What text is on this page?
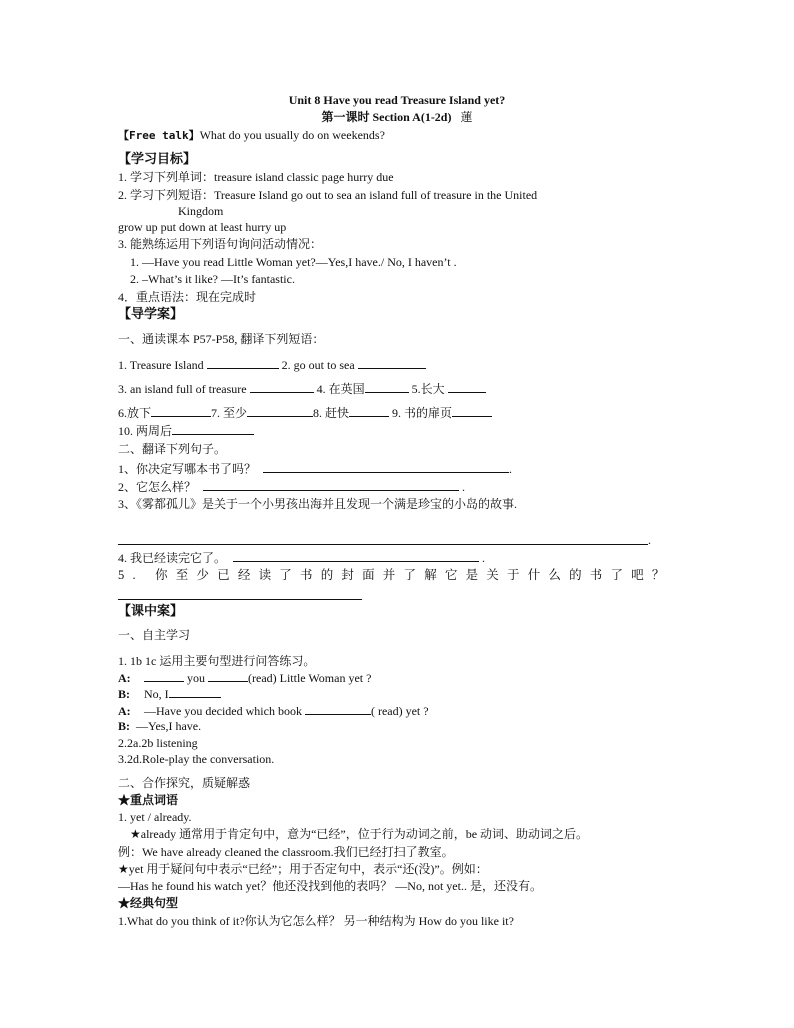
Unit 8 Have you read Treasure Island yet?
第一课时 Section A(1-2d) 蓮
【Free talk】What do you usually do on weekends?
【学习目标】
1. 学习下列单词：treasure island classic page hurry due
2. 学习下列短语：Treasure Island go out to sea an island full of treasure in the United
Kingdom
grow up put down at least hurry up
3. 能熟练运用下列语句询问活动情况：
1. —Have you read Little Woman yet?—Yes,I have./ No, I haven’t .
2. –What’s it like? —It’s fantastic.
4．重点语法：现在完成时
【导学案】
一、通读课本 P57-P58, 翻译下列短语：
1. Treasure Island	2. go out to sea
3. an island full of treasure	4. 在英国	5.长大
6.放下	7. 至少	8. 赶快	9. 书的扉页
10. 两周后
二、翻译下列句子。
1、你决定写哪本书了吗？	.
2、它怎么样？	.
3、《雾都孤儿》是关于一个小男孩出海并且发现一个满是珍宝的小岛的故事.
.
4. 我已经读完它了。	.
5. 你至少已经读了书的封面并了解它是关于什么的书了吧？
【课中案】
一、自主学习
1. 1b 1c 运用主要句型进行问答练习。
A:	you	(read) Little Woman yet ?
B: No, I
A: —Have you decided which book	( read) yet ?
B: —Yes,I have.
2.2a.2b listening
3.2d.Role-play the conversation.
二、合作探究，质疑解惑
★重点词语
1. yet / already.
★already 通常用于肯定句中，意为“已经”，位于行为动词之前，be 动词、助动词之后。
例：We have already cleaned the classroom.我们已经打扫了教室。
★yet 用于疑问句中表示“已经”；用于否定句中，表示“还(没)”。例如：
—Has he found his watch yet？他还没找到他的表吗？ —No, not yet.. 是，还没有。
★经典句型
1.What do you think of it?你认为它怎么样？ 另一种结构为 How do you like it?
